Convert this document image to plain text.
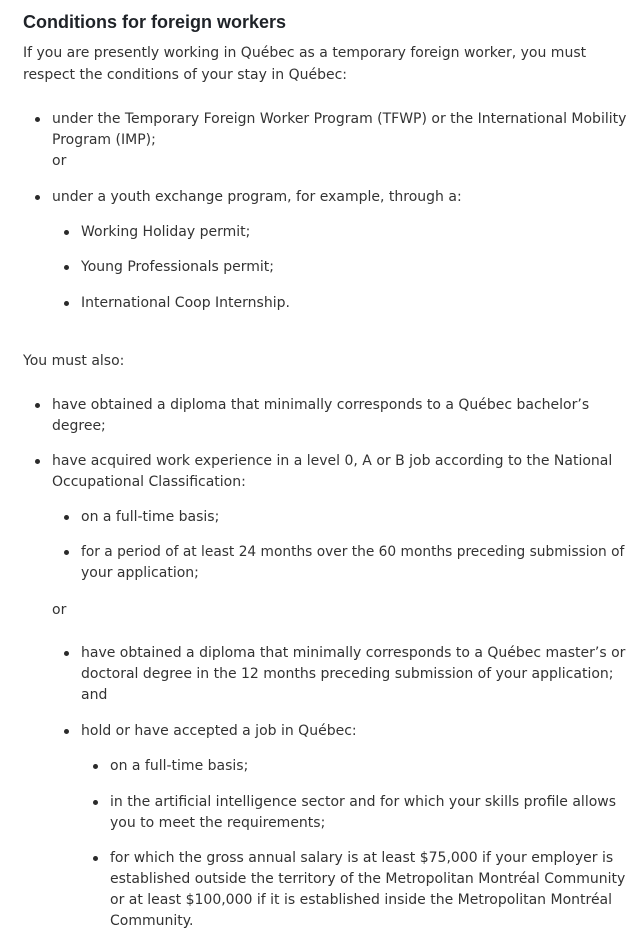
Conditions for foreign workers

If you are presently working in Québec as a temporary foreign worker, you must

respect the conditions of your stay in Québec:

under the Temporary Foreign Worker Program (TFWP) or the International Mobility

Program (IMP);

or

under a youth exchange program, for example, through a:

Working Holiday permit;

Young Professionals permit;

International Coop Internship.

You must also:

have obtained a diploma that minimally corresponds to a Québec bachelor’s

degree;

have acquired work experience in a level 0, A or B job according to the National

Occupational Classification:

on a full-time basis;

for a period of at least 24 months over the 60 months preceding submission of

your application;

or

have obtained a diploma that minimally corresponds to a Québec master’s or

doctoral degree in the 12 months preceding submission of your application;

and

hold or have accepted a job in Québec:

on a full-time basis;

in the artificial intelligence sector and for which your skills profile allows

you to meet the requirements;

for which the gross annual salary is at least $75,000 if your employer is

established outside the territory of the Metropolitan Montréal Community

or at least $100,000 if it is established inside the Metropolitan Montréal

Community.
